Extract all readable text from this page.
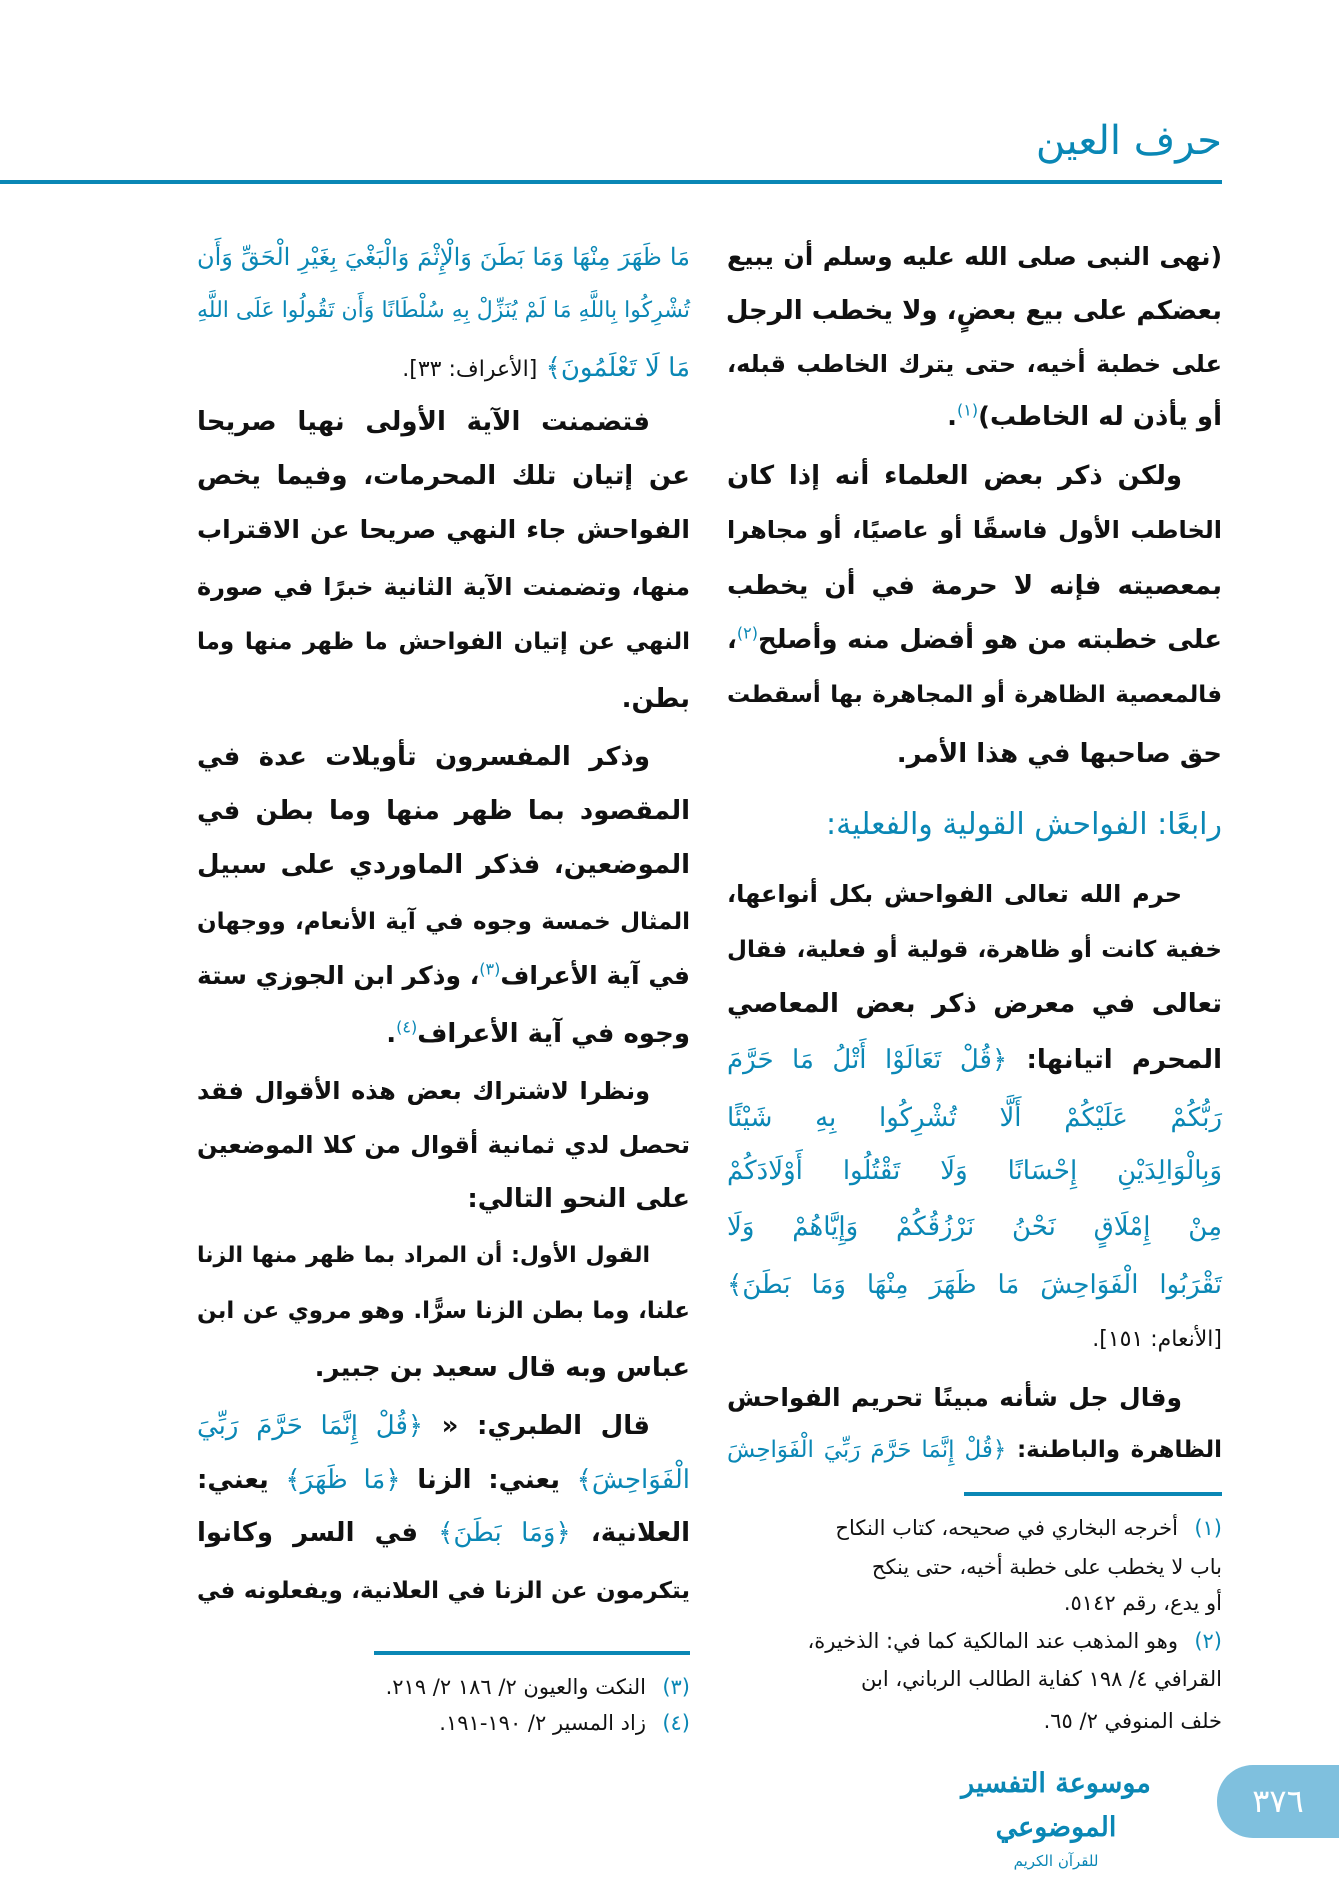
حرف العين
(نهى النبى صلى الله عليه وسلم أن يبيع
بعضكم على بيع بعضٍ، ولا يخطب الرجل
على خطبة أخيه، حتى يترك الخاطب قبله،
أو يأذن له الخاطب)$^{(١)}$.
ولكن ذكر بعض العلماء أنه إذا كان
الخاطب الأول فاسقًا أو عاصيًا، أو مجاهرا
بمعصيته فإنه لا حرمة في أن يخطب
على خطبته من هو أفضل منه وأصلح$^{(٢)}$،
فالمعصية الظاهرة أو المجاهرة بها أسقطت
حق صاحبها في هذا الأمر.
رابعًا: الفواحش القولية والفعلية:
حرم الله تعالى الفواحش بكل أنواعها،
خفية كانت أو ظاهرة، قولية أو فعلية، فقال
تعالى في معرض ذكر بعض المعاصي
المحرم اتيانها: ﴿قُلْ تَعَالَوْا أَتْلُ مَا حَرَّمَ
رَبُّكُمْ عَلَيْكُمْ أَلَّا تُشْرِكُوا بِهِ شَيْئًا
وَبِالْوَالِدَيْنِ إِحْسَانًا وَلَا تَقْتُلُوا أَوْلَادَكُمْ
مِنْ إِمْلَاقٍ نَحْنُ نَرْزُقُكُمْ وَإِيَّاهُمْ وَلَا
تَقْرَبُوا الْفَوَاحِشَ مَا ظَهَرَ مِنْهَا وَمَا بَطَنَ﴾
[الأنعام: ١٥١].
وقال جل شأنه مبينًا تحريم الفواحش
الظاهرة والباطنة: ﴿قُلْ إِنَّمَا حَرَّمَ رَبِّيَ الْفَوَاحِشَ
مَا ظَهَرَ مِنْهَا وَمَا بَطَنَ وَالْإِثْمَ وَالْبَغْيَ بِغَيْرِ الْحَقِّ وَأَن
تُشْرِكُوا بِاللَّهِ مَا لَمْ يُنَزِّلْ بِهِ سُلْطَانًا وَأَن تَقُولُوا عَلَى اللَّهِ
مَا لَا تَعْلَمُونَ﴾ [الأعراف: ٣٣].
فتضمنت الآية الأولى نهيا صريحا
عن إتيان تلك المحرمات، وفيما يخص
الفواحش جاء النهي صريحا عن الاقتراب
منها، وتضمنت الآية الثانية خبرًا في صورة
النهي عن إتيان الفواحش ما ظهر منها وما
بطن.
وذكر المفسرون تأويلات عدة في
المقصود بما ظهر منها وما بطن في
الموضعين، فذكر الماوردي على سبيل
المثال خمسة وجوه في آية الأنعام، ووجهان
في آية الأعراف$^{(٣)}$، وذكر ابن الجوزي ستة
وجوه في آية الأعراف$^{(٤)}$.
ونظرا لاشتراك بعض هذه الأقوال فقد
تحصل لدي ثمانية أقوال من كلا الموضعين
على النحو التالي:
القول الأول: أن المراد بما ظهر منها الزنا
علنا، وما بطن الزنا سرًّا. وهو مروي عن ابن
عباس وبه قال سعيد بن جبير.
قال الطبري: « ﴿قُلْ إِنَّمَا حَرَّمَ رَبِّيَ
الْفَوَاحِشَ﴾ يعني: الزنا ﴿مَا ظَهَرَ﴾ يعني:
العلانية، ﴿وَمَا بَطَنَ﴾ في السر وكانوا
يتكرمون عن الزنا في العلانية، ويفعلونه في
(١)أخرجه البخاري في صحيحه، كتاب النكاح
باب لا يخطب على خطبة أخيه، حتى ينكح
أو يدع، رقم ٥١٤٢.
(٢)وهو المذهب عند المالكية كما في: الذخيرة،
القرافي ٤/ ١٩٨ كفاية الطالب الرباني، ابن
خلف المنوفي ٢/ ٦٥.
(٣)النكت والعيون ٢/ ١٨٦ ٢/ ٢١٩.
(٤)زاد المسير ٢/ ١٩٠-١٩١.
موسوعة التفسير الموضوعي
للقرآن الكريم
٣٧٦
